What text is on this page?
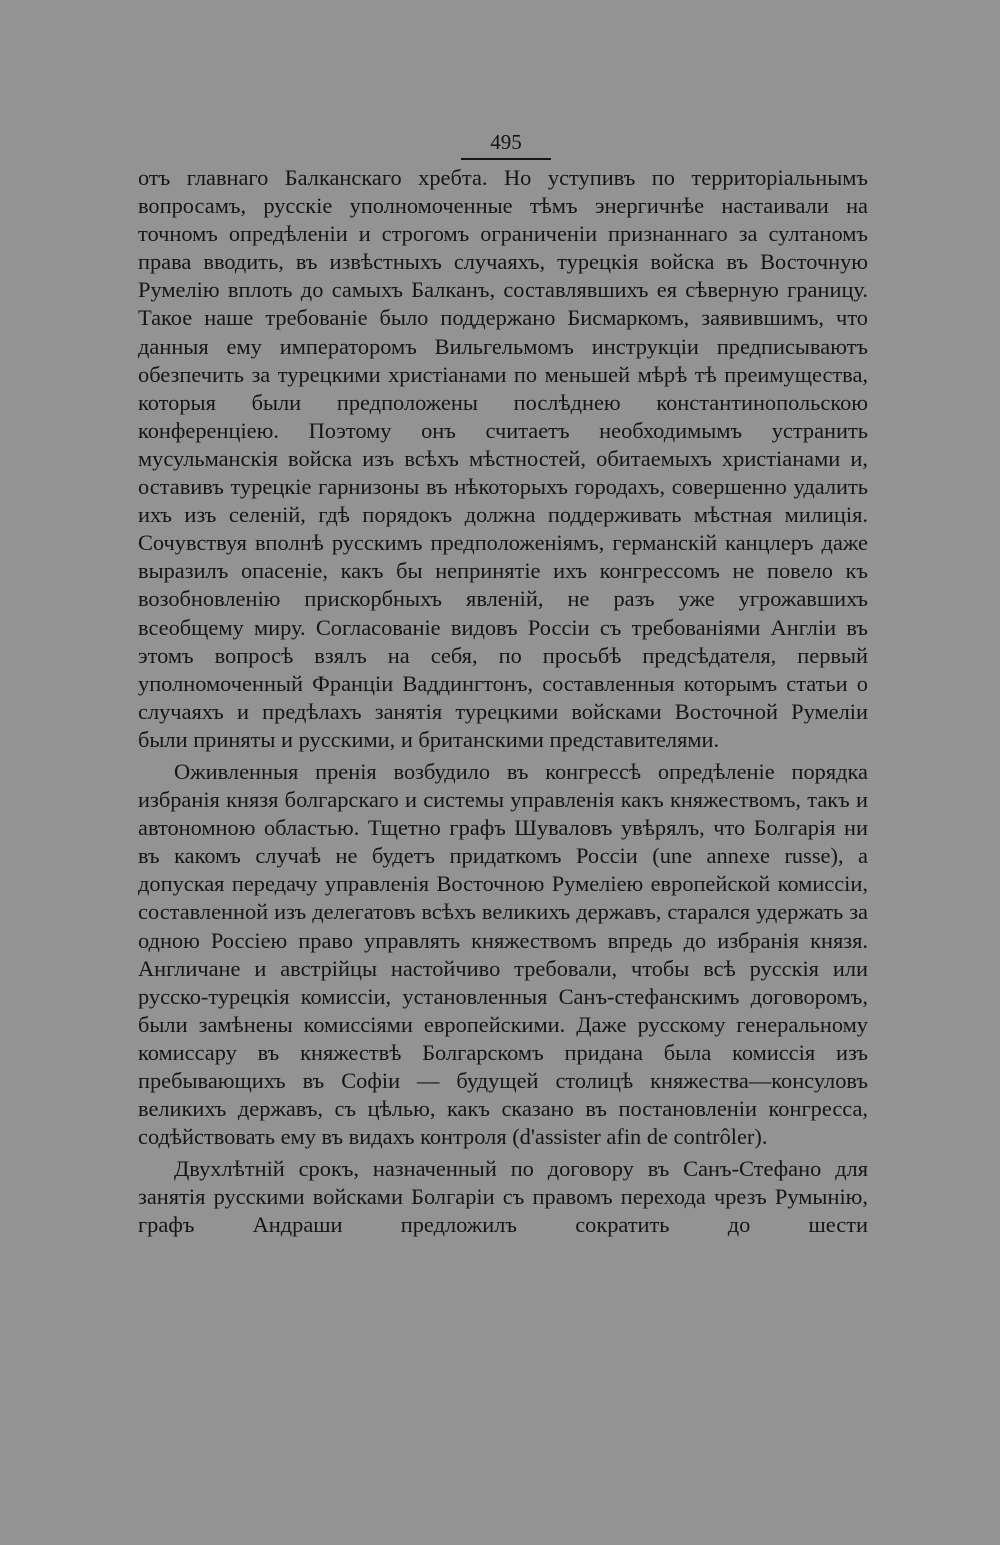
495

отъ главнаго Балканскаго хребта. Но уступивъ по территоріальнымъ вопросамъ, русскіе уполномоченные тѣмъ энергичнѣе настаивали на точномъ опредѣленіи и строгомъ ограниченіи признаннаго за султаномъ права вводить, въ извѣстныхъ случаяхъ, турецкія войска въ Восточную Румелію вплоть до самыхъ Балканъ, составлявшихъ ея сѣверную границу. Такое наше требованіе было поддержано Бисмаркомъ, заявившимъ, что данныя ему императоромъ Вильгельмомъ инструкціи предписываютъ обезпечить за турецкими христіанами по меньшей мѣрѣ тѣ преимущества, которыя были предположены послѣднею константинопольскою конференціею. Поэтому онъ считаетъ необходимымъ устранить мусульманскія войска изъ всѣхъ мѣстностей, обитаемыхъ христіанами и, оставивъ турецкіе гарнизоны въ нѣкоторыхъ городахъ, совершенно удалить ихъ изъ селеній, гдѣ порядокъ должна поддерживать мѣстная милиція. Сочувствуя вполнѣ русскимъ предположеніямъ, германскій канцлеръ даже выразилъ опасеніе, какъ бы непринятіе ихъ конгрессомъ не повело къ возобновленію прискорбныхъ явленій, не разъ уже угрожавшихъ всеобщему миру. Согласованіе видовъ Россіи съ требованіями Англіи въ этомъ вопросѣ взялъ на себя, по просьбѣ предсѣдателя, первый уполномоченный Франціи Ваддингтонъ, составленныя которымъ статьи о случаяхъ и предѣлахъ занятія турецкими войсками Восточной Румеліи были приняты и русскими, и британскими представителями.

Оживленныя пренія возбудило въ конгрессѣ опредѣленіе порядка избранія князя болгарскаго и системы управленія какъ княжествомъ, такъ и автономною областью. Тщетно графъ Шуваловъ увѣрялъ, что Болгарія ни въ какомъ случаѣ не будетъ придаткомъ Россіи (une annexe russe), а допуская передачу управленія Восточною Румеліею европейской комиссіи, составленной изъ делегатовъ всѣхъ великихъ державъ, старался удержать за одною Россіею право управлять княжествомъ впредь до избранія князя. Англичане и австрійцы настойчиво требовали, чтобы всѣ русскія или русско-турецкія комиссіи, установленныя Санъ-стефанскимъ договоромъ, были замѣнены комиссіями европейскими. Даже русскому генеральному комиссару въ княжествѣ Болгарскомъ придана была комиссія изъ пребывающихъ въ Софіи — будущей столицѣ княжества—консуловъ великихъ державъ, съ цѣлью, какъ сказано въ постановленіи конгресса, содѣйствовать ему въ видахъ контроля (d'assister afin de contrôler).

Двухлѣтній срокъ, назначенный по договору въ Санъ-Стефано для занятія русскими войсками Болгаріи съ правомъ перехода чрезъ Румынію, графъ Андраши предложилъ сократить до шести
